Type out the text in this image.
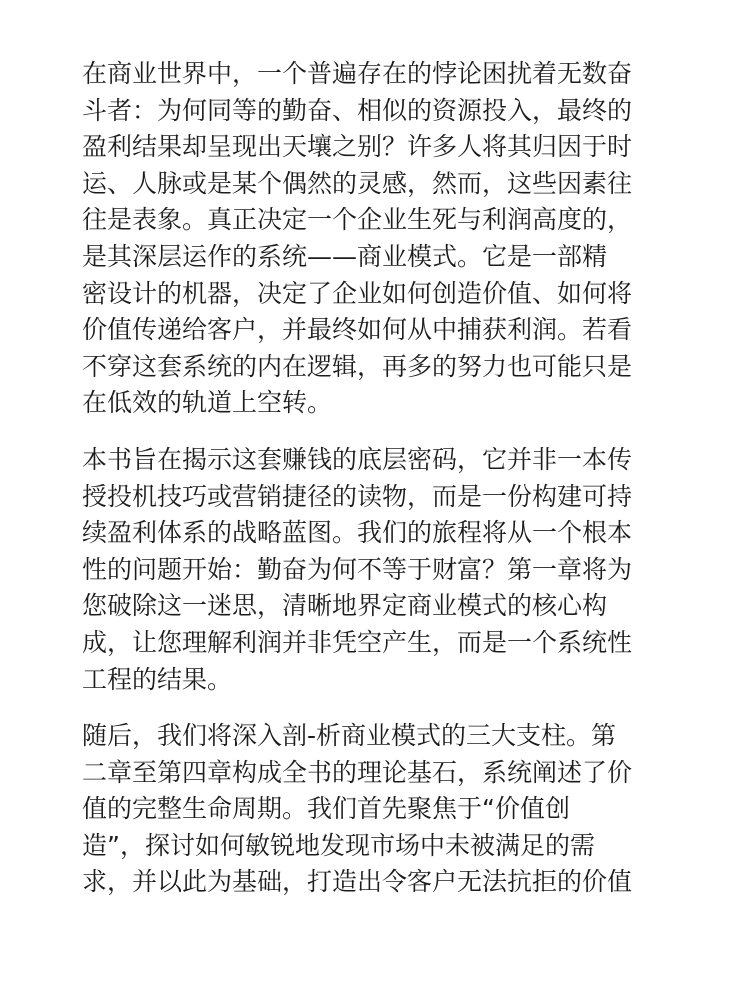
在商业世界中，一个普遍存在的悖论困扰着无数奋
斗者：为何同等的勤奋、相似的资源投入，最终的
盈利结果却呈现出天壤之别？许多人将其归因于时
运、人脉或是某个偶然的灵感，然而，这些因素往
往是表象。真正决定一个企业生死与利润高度的，
是其深层运作的系统——商业模式。它是一部精
密设计的机器，决定了企业如何创造价值、如何将
价值传递给客户，并最终如何从中捕获利润。若看
不穿这套系统的内在逻辑，再多的努力也可能只是
在低效的轨道上空转。

本书旨在揭示这套赚钱的底层密码，它并非一本传
授投机技巧或营销捷径的读物，而是一份构建可持
续盈利体系的战略蓝图。我们的旅程将从一个根本
性的问题开始：勤奋为何不等于财富？第一章将为
您破除这一迷思，清晰地界定商业模式的核心构
成，让您理解利润并非凭空产生，而是一个系统性
工程的结果。

随后，我们将深入剖-析商业模式的三大支柱。第
二章至第四章构成全书的理论基石，系统阐述了价
值的完整生命周期。我们首先聚焦于“价值创
造”，探讨如何敏锐地发现市场中未被满足的需
求，并以此为基础，打造出令客户无法抗拒的价值
